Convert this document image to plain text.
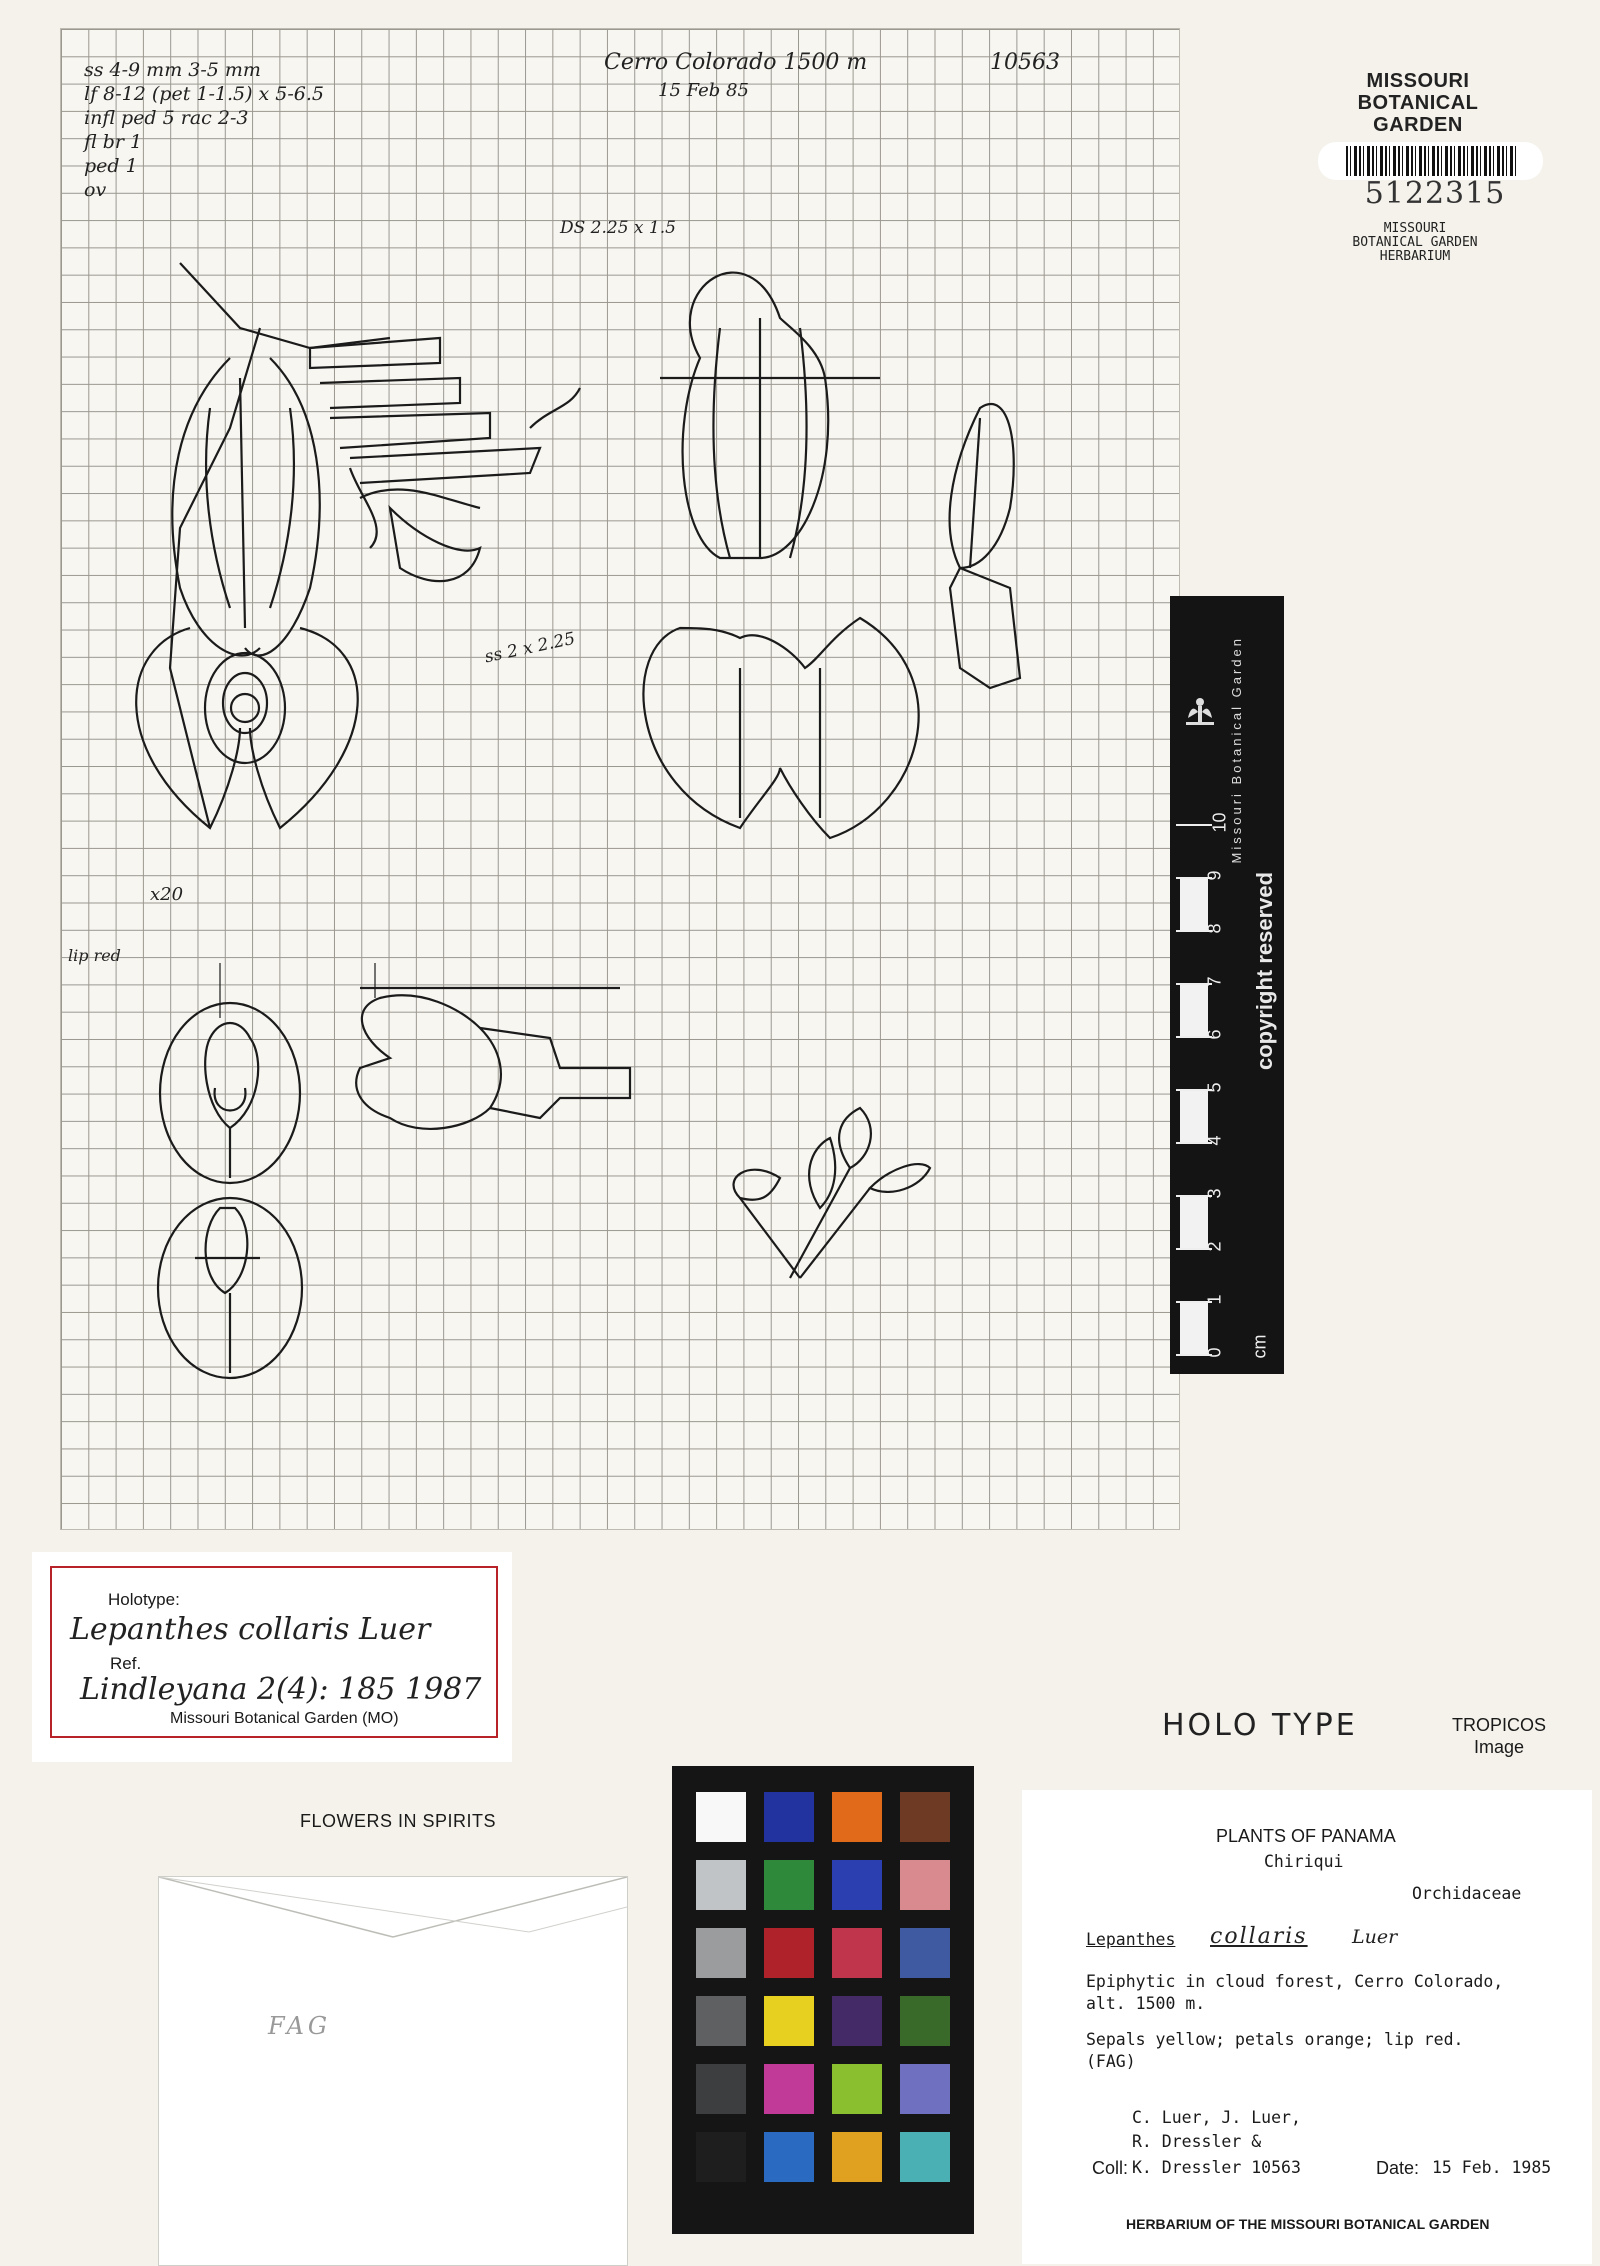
ss 4-9 mm 3-5 mm
lf 8-12 (pet 1-1.5) x 5-6.5
infl ped 5 rac 2-3
fl br 1
ped 1
ov
Cerro Colorado 1500 m
15 Feb 85
10563
DS 2.25 x 1.5
ss 2 x 2.25
x20
lip red
MISSOURI
BOTANICAL
GARDEN
5122315
MISSOURI
BOTANICAL GARDEN
HERBARIUM
Missouri Botanical Garden
copyright reserved
0
1
2
3
4
5
6
7
8
9
10
cm
Holotype:
Lepanthes collaris Luer
Ref.
Lindleyana 2(4): 185 1987
Missouri Botanical Garden (MO)	HOLO TYPE	TROPICOS
Image
FLOWERS IN SPIRITS
FAG
PLANTS OF PANAMA
Chiriqui
Orchidaceae
Lepanthes collaris Luer
Epiphytic in cloud forest, Cerro Colorado,
alt. 1500 m.
Sepals yellow; petals orange; lip red.
(FAG)
C. Luer, J. Luer,
R. Dressler &
Coll: K. Dressler 10563	Date: 15 Feb. 1985
HERBARIUM OF THE MISSOURI BOTANICAL GARDEN
